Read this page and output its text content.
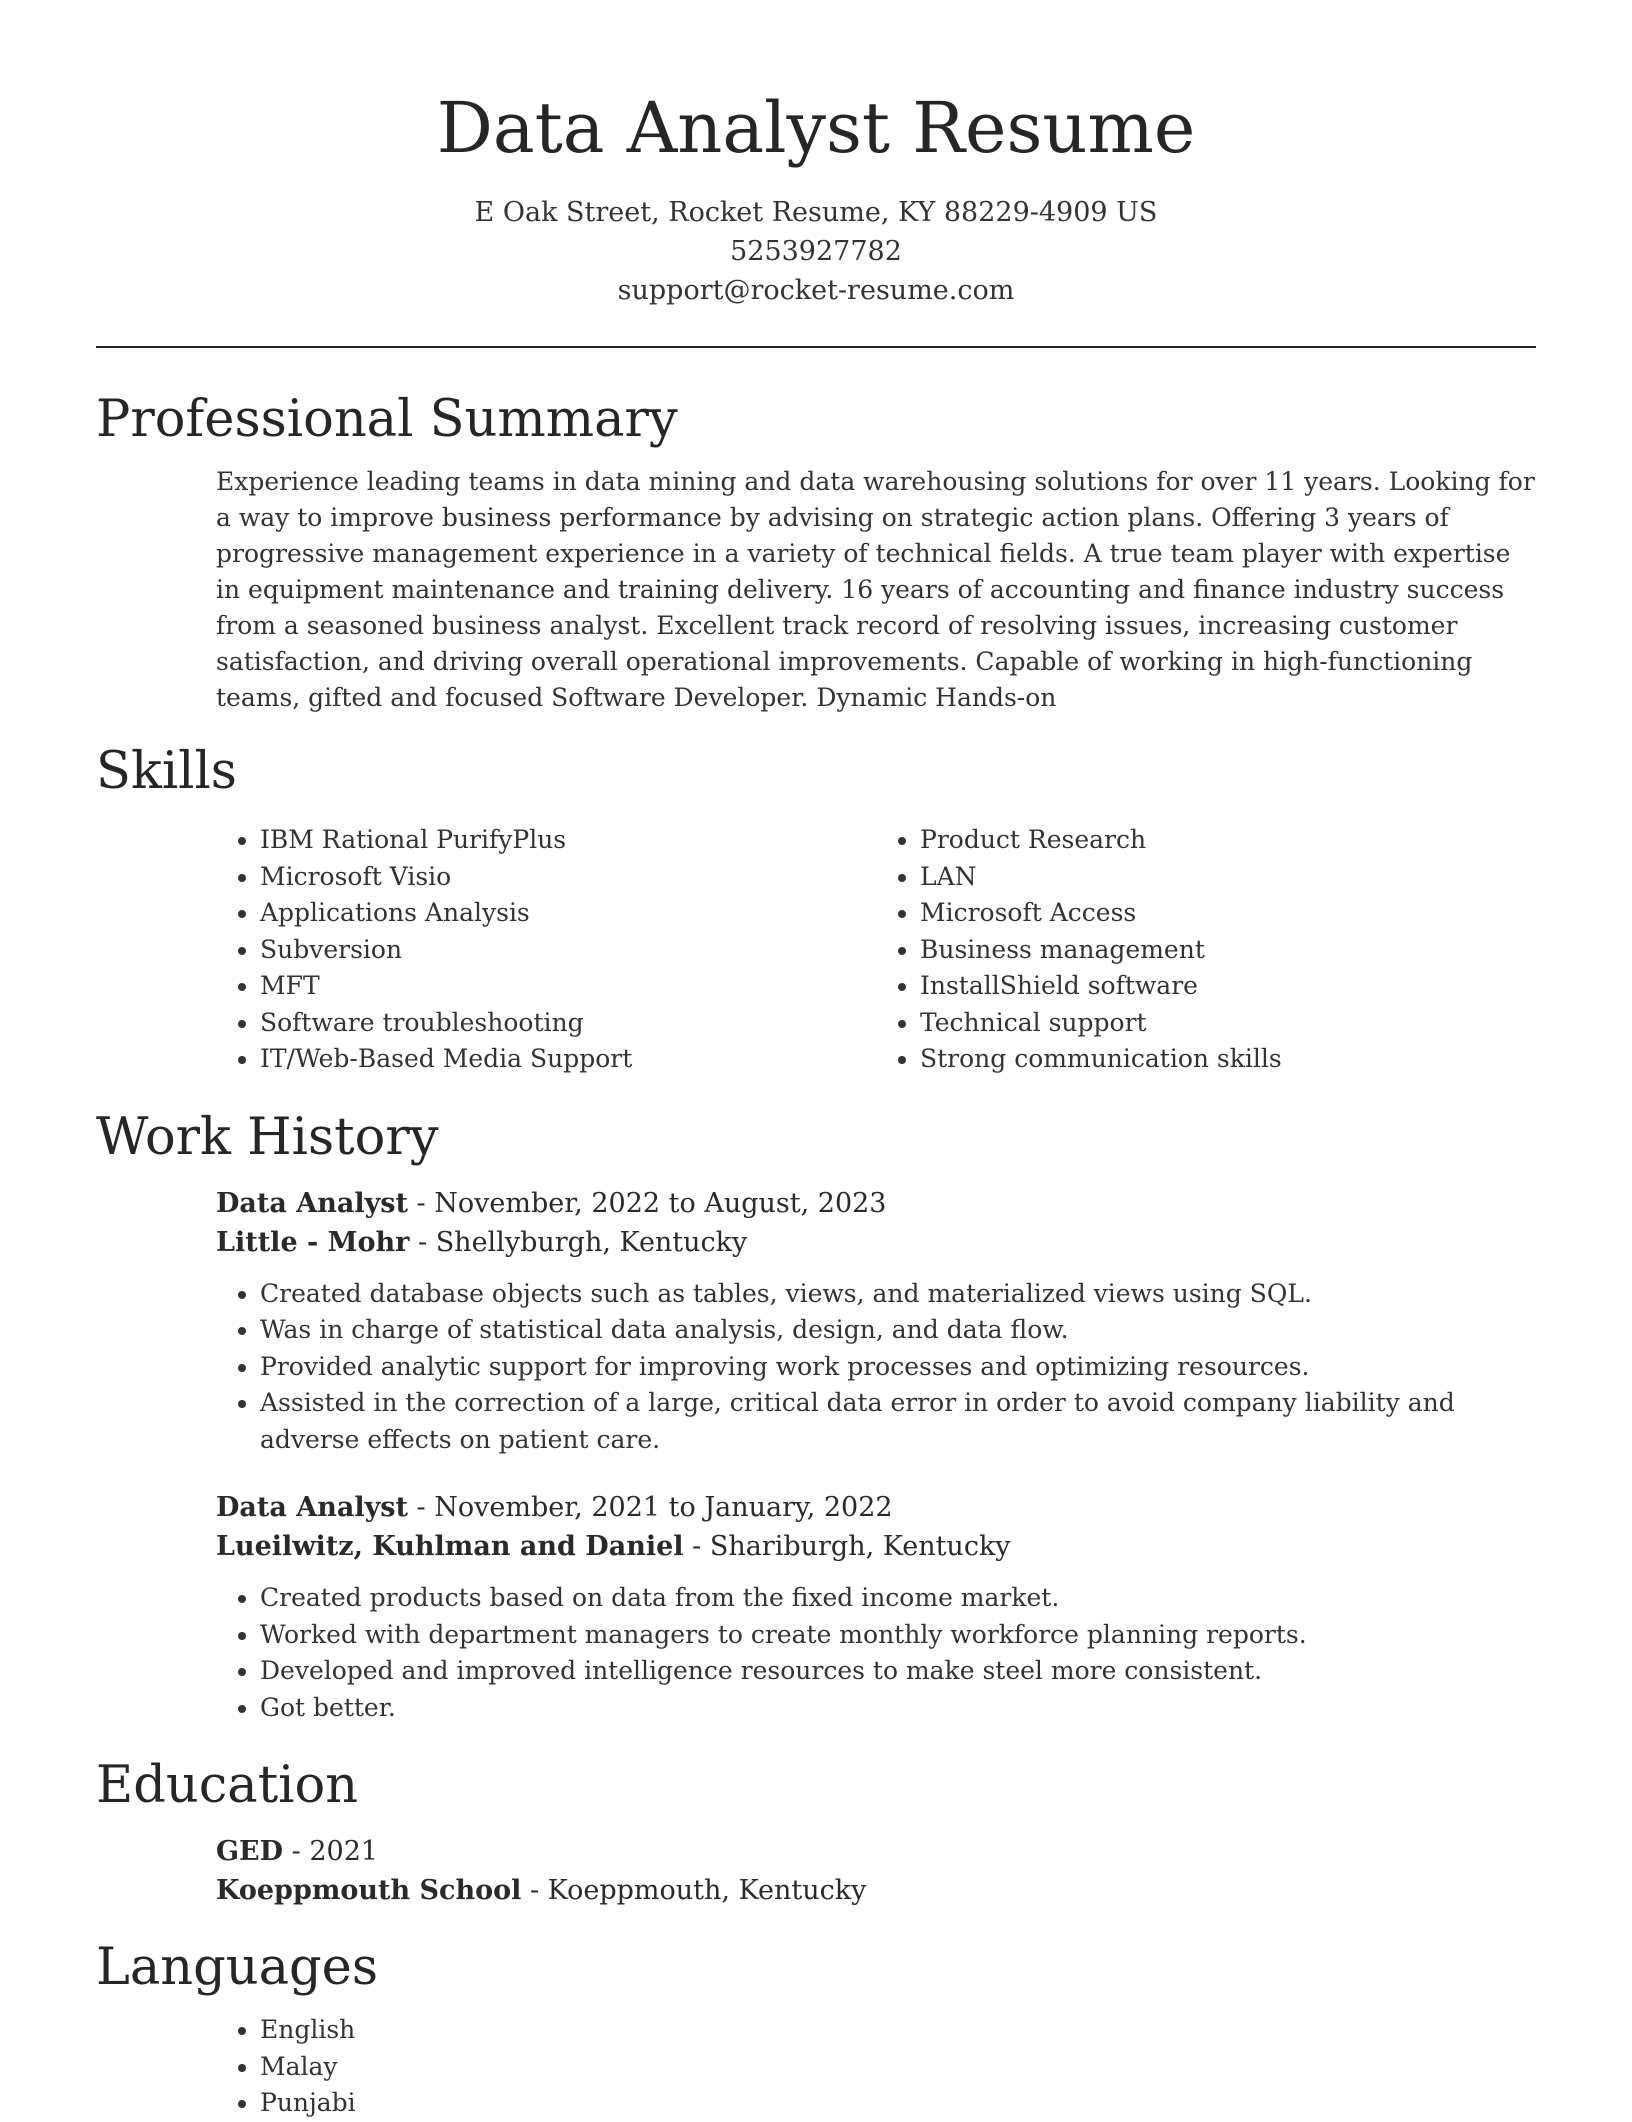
Data Analyst Resume
E Oak Street, Rocket Resume, KY 88229-4909 US
5253927782
support@rocket-resume.com
Professional Summary
Experience leading teams in data mining and data warehousing solutions for over 11 years. Looking for a way to improve business performance by advising on strategic action plans. Offering 3 years of progressive management experience in a variety of technical fields. A true team player with expertise in equipment maintenance and training delivery. 16 years of accounting and finance industry success from a seasoned business analyst. Excellent track record of resolving issues, increasing customer satisfaction, and driving overall operational improvements. Capable of working in high-functioning teams, gifted and focused Software Developer. Dynamic Hands-on
Skills
• IBM Rational PurifyPlus
• Microsoft Visio
• Applications Analysis
• Subversion
• MFT
• Software troubleshooting
• IT/Web-Based Media Support
• Product Research
• LAN
• Microsoft Access
• Business management
• InstallShield software
• Technical support
• Strong communication skills
Work History
Data Analyst - November, 2022 to August, 2023
Little - Mohr - Shellyburgh, Kentucky
• Created database objects such as tables, views, and materialized views using SQL.
• Was in charge of statistical data analysis, design, and data flow.
• Provided analytic support for improving work processes and optimizing resources.
• Assisted in the correction of a large, critical data error in order to avoid company liability and adverse effects on patient care.
Data Analyst - November, 2021 to January, 2022
Lueilwitz, Kuhlman and Daniel - Shariburgh, Kentucky
• Created products based on data from the fixed income market.
• Worked with department managers to create monthly workforce planning reports.
• Developed and improved intelligence resources to make steel more consistent.
• Got better.
Education
GED - 2021
Koeppmouth School - Koeppmouth, Kentucky
Languages
• English
• Malay
• Punjabi
